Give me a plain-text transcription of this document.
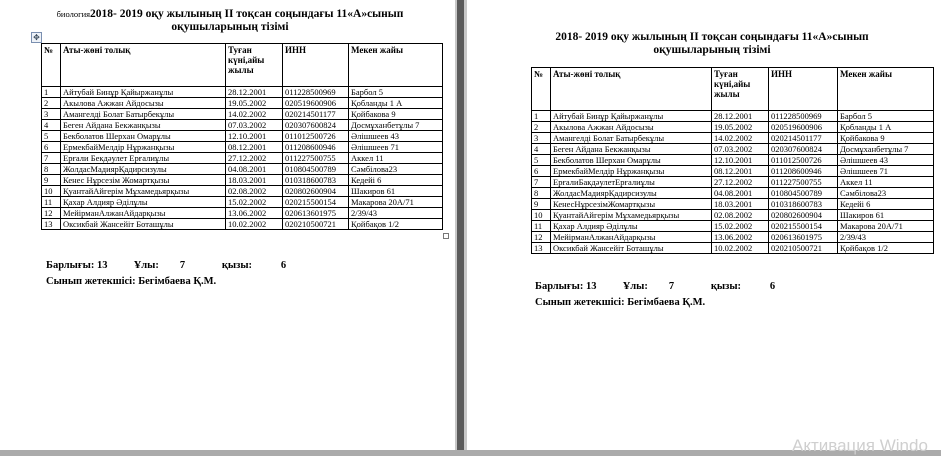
биология2018- 2019 оқу жылының II тоқсан соңындағы 11«А»сынып
оқушыларының тізімі
✥
№	Аты-жөні толық	Туған күні,айы жылы	ИНН	Мекен жайы
1	Айтубай Бинұр Қайыржанұлы	28.12.2001	011228500969	Барбол 5
2	Акылова Ажжан Айдосызы	19.05.2002	020519600906	Қобланды 1 А
3	Амангелді Болат Батырбекұлы	14.02.2002	020214501177	Қойбакова 9
4	Беген Айдана Бекжанқызы	07.03.2002	020307600824	Досмұханбетұлы 7
5	Бекболатов Шерхан Омарұлы	12.10.2001	011012500726	Әлішшеев 43
6	ЕрмекбайМелдір Нұржанқызы	08.12.2001	011208600946	Әлішшеев 71
7	Ерғали Бекдәулет Ерғалиұлы	27.12.2002	011227500755	Аккел 11
8	ЖолдасМадиярҚадирсизулы	04.08.2001	010804500789	Сәмбілова23
9	Кенес Нұрсезім Жомартқызы	18.03.2001	010318600783	Кедейі 6
10	ҚуантайАйгерім Мұхамедьярқызы	02.08.2002	020802600904	Шакиров 61
11	Қахар Алдияр Әділұлы	15.02.2002	020215500154	Макарова 20А/71
12	МейірманАлжанАйдарқызы	13.06.2002	020613601975	2/39/43
13	Оксикбай Жансейіт Боташұлы	10.02.2002	020210500721	Қойбақов 1/2
Барлығы: 13	Ұлы: 7	қызы:	6
Сынып жетекшісі: Бегімбаева Қ.М.
2018- 2019 оқу жылының II тоқсан соңындағы 11«А»сынып
оқушыларының тізімі
№	Аты-жөні толық	Туған күні,айы жылы	ИНН	Мекен жайы
1	Айтубай Бинұр Қайыржанұлы	28.12.2001	011228500969	Барбол 5
2	Акылова Ажжан Айдосызы	19.05.2002	020519600906	Қобланды 1 А
3	Амангелді Болат Батырбекұлы	14.02.2002	020214501177	Қойбакова 9
4	Беген Айдана Бекжанқызы	07.03.2002	020307600824	Досмұханбетұлы 7
5	Бекболатов Шерхан Омарұлы	12.10.2001	011012500726	Әлішшеев 43
6	ЕрмекбайМелдір Нұржанқызы	08.12.2001	011208600946	Әлішшеев 71
7	ЕрғалиБакдәулетЕрғалиұлы	27.12.2002	011227500755	Аккел 11
8	ЖолдасМадиярҚадирсизулы	04.08.2001	010804500789	Сәмбілова23
9	КенесНұрсезімЖомартқызы	18.03.2001	010318600783	Кедейі 6
10	ҚуантайАйгерім Мұхамедьярқызы	02.08.2002	020802600904	Шакиров 61
11	Қахар Алдияр Әділұлы	15.02.2002	020215500154	Макарова 20А/71
12	МейірманАлжанАйдарқызы	13.06.2002	020613601975	2/39/43
13	Оксикбай Жансейіт Боташұлы	10.02.2002	020210500721	Қойбақов 1/2
Барлығы: 13	Ұлы: 7	қызы:	6
Сынып жетекшісі: Бегімбаева Қ.М.
Активация Windo
